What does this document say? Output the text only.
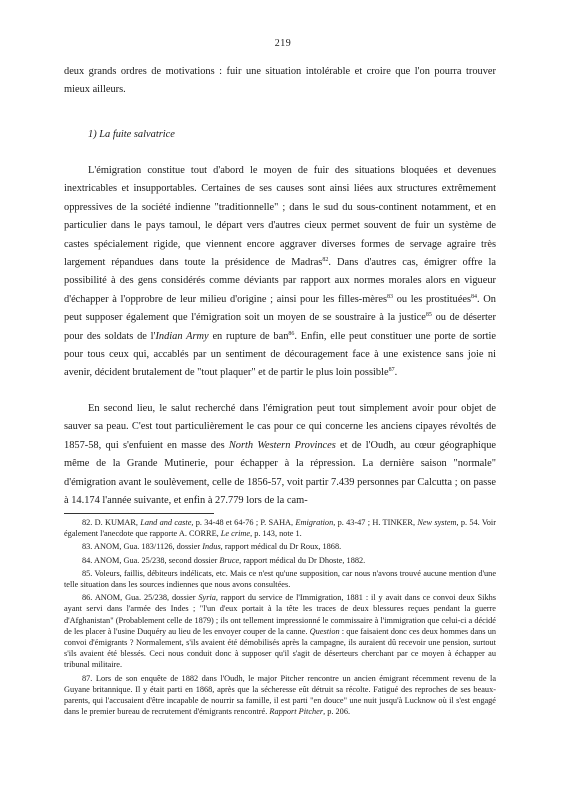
219

deux grands ordres de motivations : fuir une situation intolérable et croire que l'on pourra trouver mieux ailleurs.

1) La fuite salvatrice

L'émigration constitue tout d'abord le moyen de fuir des situations bloquées et devenues inextricables et insupportables. Certaines de ses causes sont ainsi liées aux structures extrêmement oppressives de la société indienne "traditionnelle" ; dans le sud du sous-continent notamment, et en particulier dans le pays tamoul, le départ vers d'autres cieux permet souvent de fuir un système de castes spécialement rigide, que viennent encore aggraver diverses formes de servage agraire très largement répandues dans toute la présidence de Madras$^{82}$. Dans d'autres cas, émigrer offre la possibilité à des gens considérés comme déviants par rapport aux normes morales alors en vigueur d'échapper à l'opprobre de leur milieu d'origine ; ainsi pour les filles-mères$^{83}$ ou les prostituées$^{84}$. On peut supposer également que l'émigration soit un moyen de se soustraire à la justice$^{85}$ ou de déserter pour des soldats de l'Indian Army en rupture de ban$^{86}$. Enfin, elle peut constituer une porte de sortie pour tous ceux qui, accablés par un sentiment de découragement face à une existence sans joie ni avenir, décident brutalement de "tout plaquer" et de partir le plus loin possible$^{87}$.

En second lieu, le salut recherché dans l'émigration peut tout simplement avoir pour objet de sauver sa peau. C'est tout particulièrement le cas pour ce qui concerne les anciens cipayes révoltés de 1857-58, qui s'enfuient en masse des North Western Provinces et de l'Oudh, au cœur géographique même de la Grande Mutinerie, pour échapper à la répression. La dernière saison "normale" d'émigration avant le soulèvement, celle de 1856-57, voit partir 7.439 personnes par Calcutta ; on passe à 14.174 l'année suivante, et enfin à 27.779 lors de la cam-

82. D. KUMAR, Land and caste, p. 34-48 et 64-76 ; P. SAHA, Emigration, p. 43-47 ; H. TINKER, New system, p. 54. Voir également l'anecdote que rapporte A. CORRE, Le crime, p. 143, note 1.

83. ANOM, Gua. 183/1126, dossier Indus, rapport médical du Dr Roux, 1868.

84. ANOM, Gua. 25/238, second dossier Bruce, rapport médical du Dr Dhoste, 1882.

85. Voleurs, faillis, débiteurs indélicats, etc. Mais ce n'est qu'une supposition, car nous n'avons trouvé aucune mention d'une telle situation dans les sources indiennes que nous avons consultées.

86. ANOM, Gua. 25/238, dossier Syria, rapport du service de l'Immigration, 1881 : il y avait dans ce convoi deux Sikhs ayant servi dans l'armée des Indes ; "l'un d'eux portait à la tête les traces de deux blessures reçues pendant la guerre d'Afghanistan" (Probablement celle de 1879) ; ils ont tellement impressionné le commissaire à l'immigration que celui-ci a décidé de les placer à l'usine Duquéry au lieu de les envoyer couper de la canne. Question : que faisaient donc ces deux hommes dans un convoi d'émigrants ? Normalement, s'ils avaient été démobilisés après la campagne, ils auraient dû recevoir une pension, surtout s'ils avaient été blessés. Ceci nous conduit donc à supposer qu'il s'agit de déserteurs cherchant par ce moyen à échapper au tribunal militaire.

87. Lors de son enquête de 1882 dans l'Oudh, le major Pitcher rencontre un ancien émigrant récemment revenu de la Guyane britannique. Il y était parti en 1868, après que la sécheresse eût détruit sa récolte. Fatigué des reproches de ses beaux-parents, qui l'accusaient d'être incapable de nourrir sa famille, il est parti "en douce" une nuit jusqu'à Lucknow où il s'est engagé dans le premier bureau de recrutement d'émigrants rencontré. Rapport Pitcher, p. 206.
